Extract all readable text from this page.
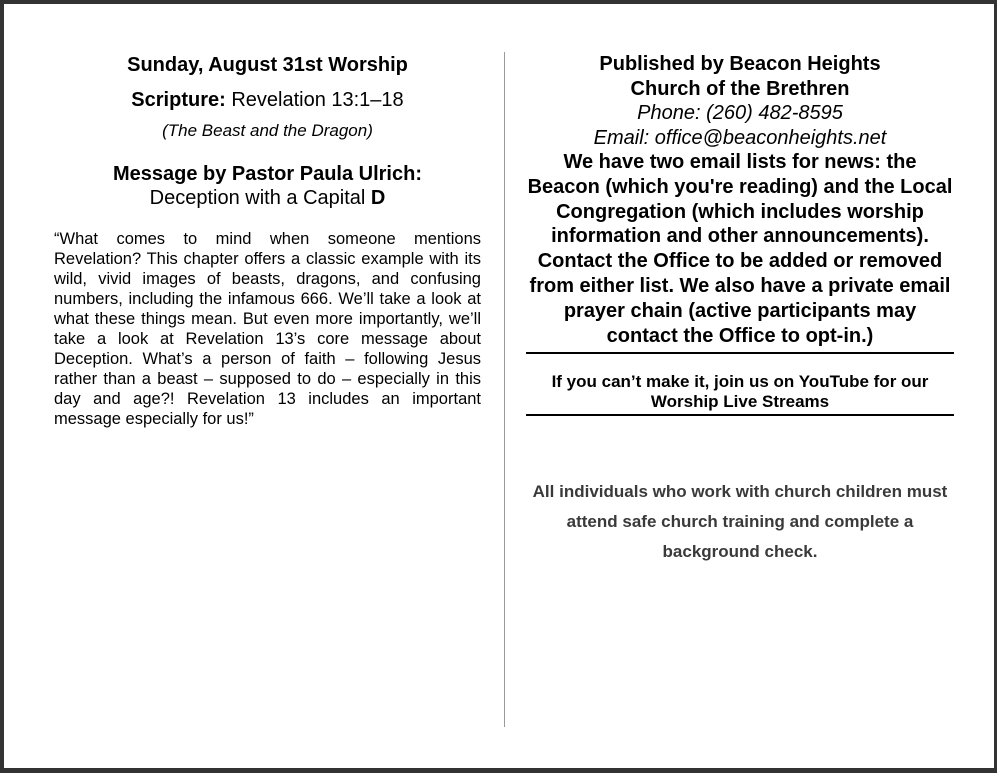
Sunday, August 31st Worship
Scripture: Revelation 13:1–18
(The Beast and the Dragon)
Message by Pastor Paula Ulrich:
Deception with a Capital D
“What comes to mind when someone mentions Revelation? This chapter offers a classic example with its wild, vivid images of beasts, dragons, and confusing numbers, including the infamous 666. We’ll take a look at what these things mean. But even more importantly, we’ll take a look at Revelation 13’s core message about Deception. What’s a person of faith – following Jesus rather than a beast – supposed to do – especially in this day and age?! Revelation 13 includes an important message especially for us!”
Published by Beacon Heights
Church of the Brethren
Phone: (260) 482-8595
Email: office@beaconheights.net
We have two email lists for news: the Beacon (which you're reading) and the Local Congregation (which includes worship information and other announcements). Contact the Office to be added or removed from either list. We also have a private email prayer chain (active participants may contact the Office to opt-in.)
If you can’t make it, join us on YouTube for our Worship Live Streams
All individuals who work with church children must attend safe church training and complete a background check.
